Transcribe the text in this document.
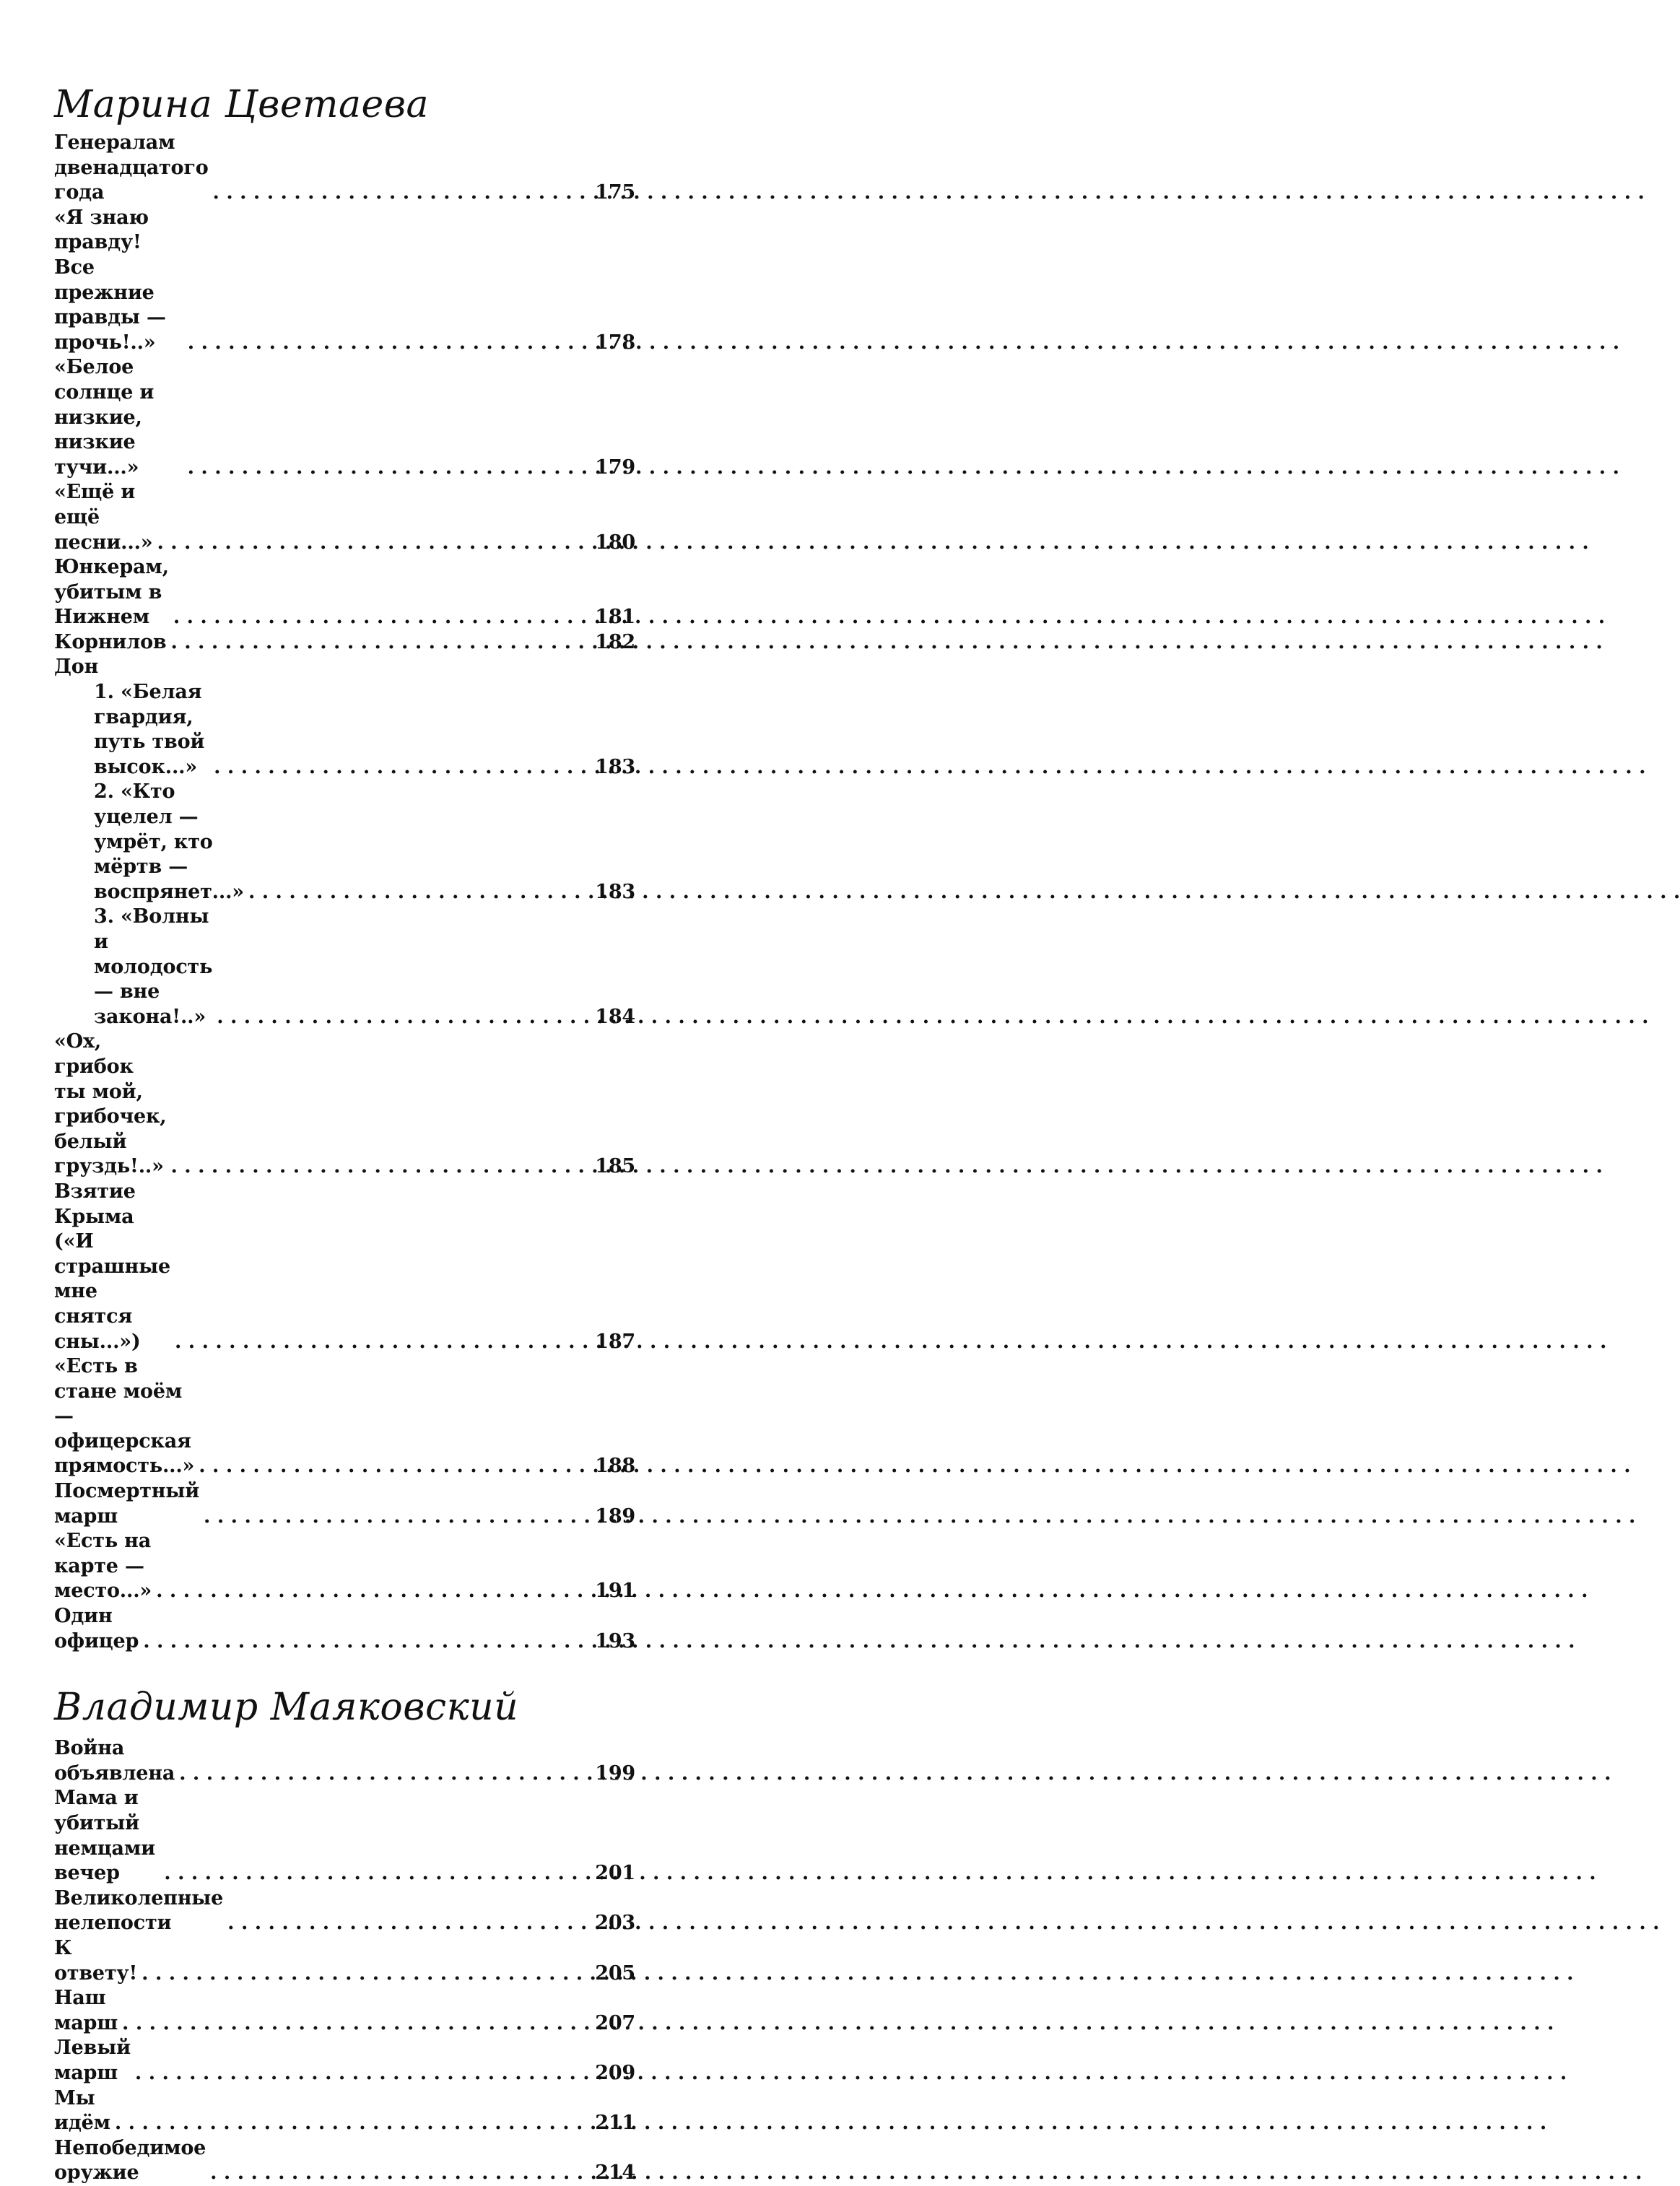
Марина Цветаева
Генералам двенадцатого года . . .	175
«Я знаю правду! Все прежние правды —
прочь!..» . . .	178
«Белое солнце и низкие, низкие тучи...» . . .	179
«Ещё и ещё песни...» . . .	180
Юнкерам, убитым в Нижнем . . .	181
Корнилов . . .	182
Дон
1. «Белая гвардия, путь твой высок...» . . .	183
2. «Кто уцелел — умрёт, кто мёртв —
воспрянет...» . . .	183
3. «Волны и молодость — вне закона!..» . . .	184
«Ох, грибок ты мой, грибочек,
белый груздь!..» . . .	185
Взятие Крыма («И страшные мне
снятся сны...») . . .	187
«Есть в стане моём — офицерская
прямость...» . . .	188
Посмертный марш . . .	189
«Есть на карте — место...» . . .	191
Один офицер . . .	193
Владимир Маяковский
Война объявлена . . .	199
Мама и убитый немцами вечер . . .	201
Великолепные нелепости . . .	203
К ответу! . . .	205
Наш марш . . .	207
Левый марш . . .	209
Мы идём . . .	211
Непобедимое оружие . . .	214
